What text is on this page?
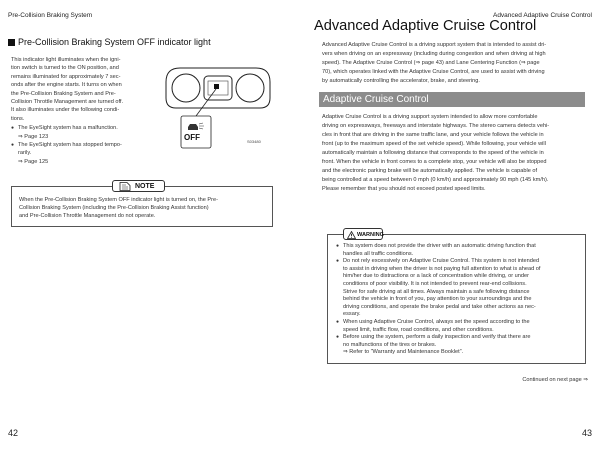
Pre-Collision Braking System
Pre-Collision Braking System OFF indicator light

This indicator light illuminates when the igni-

tion switch is turned to the ON position, and

remains illuminated for approximately 7 sec-

onds after the engine starts. It turns on when

the Pre-Collision Braking System and Pre-

Collision Throttle Management are turned off.

It also illuminates under the following condi-

tions.

● The EyeSight system has a malfunction.
⇒ Page 123
● The EyeSight system has stopped tempo-
rarily.
⇒ Page 125
OFF	S03480
NOTE
When the Pre-Collision Braking System OFF indicator light is turned on, the Pre-
Collision Braking System (including the Pre-Collision Braking Assist function)
and Pre-Collision Throttle Management do not operate.
42
Advanced Adaptive Cruise Control
Advanced Adaptive Cruise Control
Advanced Adaptive Cruise Control is a driving support system that is intended to assist dri-
vers when driving on an expressway (including during congestion and when driving at high
speed). The Adaptive Cruise Control (⇒ page 43) and Lane Centering Function (⇒ page
70), which operates linked with the Adaptive Cruise Control, are used to assist with driving
by automatically controlling the accelerator, brake, and steering.
Adaptive Cruise Control
Adaptive Cruise Control is a driving support system intended to allow more comfortable
driving on expressways, freeways and interstate highways. The stereo camera detects vehi-
cles in front that are driving in the same traffic lane, and your vehicle follows the vehicle in
front (up to the maximum speed of the set vehicle speed). While following, your vehicle will
automatically maintain a following distance that corresponds to the speed of the vehicle in
front. When the vehicle in front comes to a complete stop, your vehicle will also be stopped
and the electronic parking brake will be automatically applied. The vehicle is capable of
being controlled at a speed between 0 mph (0 km/h) and approximately 90 mph (145 km/h).
Please remember that you should not exceed posted speed limits.
WARNING
● This system does not provide the driver with an automatic driving function that
handles all traffic conditions.
● Do not rely excessively on Adaptive Cruise Control. This system is not intended
to assist in driving when the driver is not paying full attention to what is ahead of
him/her due to distractions or a lack of concentration while driving, or under
conditions of poor visibility. It is not intended to prevent rear-end collisions.
Strive for safe driving at all times. Always maintain a safe following distance
behind the vehicle in front of you, pay attention to your surroundings and the
driving conditions, and operate the brake pedal and take other actions as nec-
essary.
● When using Adaptive Cruise Control, always set the speed according to the
speed limit, traffic flow, road conditions, and other conditions.
● Before using the system, perform a daily inspection and verify that there are
no malfunctions of the tires or brakes.
⇒ Refer to “Warranty and Maintenance Booklet”.
Continued on next page ⇒
43
